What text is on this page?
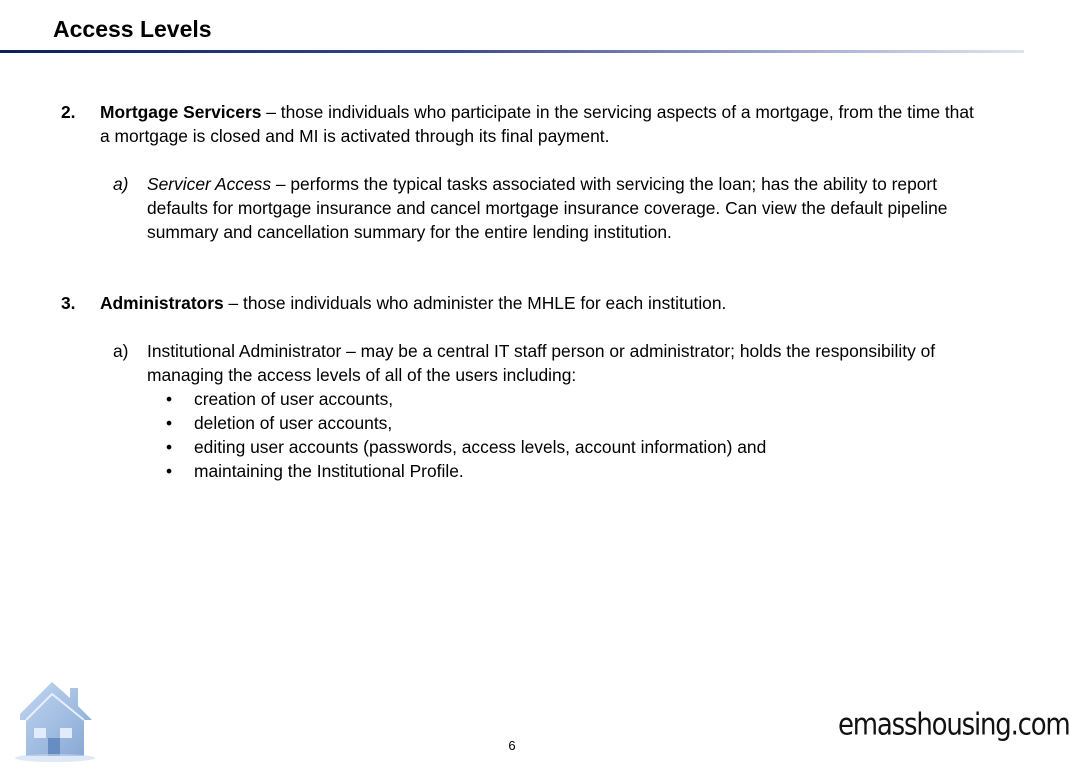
Access Levels
2. Mortgage Servicers – those individuals who participate in the servicing aspects of a mortgage, from the time that a mortgage is closed and MI is activated through its final payment.
a) Servicer Access – performs the typical tasks associated with servicing the loan; has the ability to report defaults for mortgage insurance and cancel mortgage insurance coverage. Can view the default pipeline summary and cancellation summary for the entire lending institution.
3. Administrators – those individuals who administer the MHLE for each institution.
a) Institutional Administrator – may be a central IT staff person or administrator; holds the responsibility of managing the access levels of all of the users including:
• creation of user accounts,
• deletion of user accounts,
• editing user accounts (passwords, access levels, account information) and
• maintaining the Institutional Profile.
6
emasshousing.com
